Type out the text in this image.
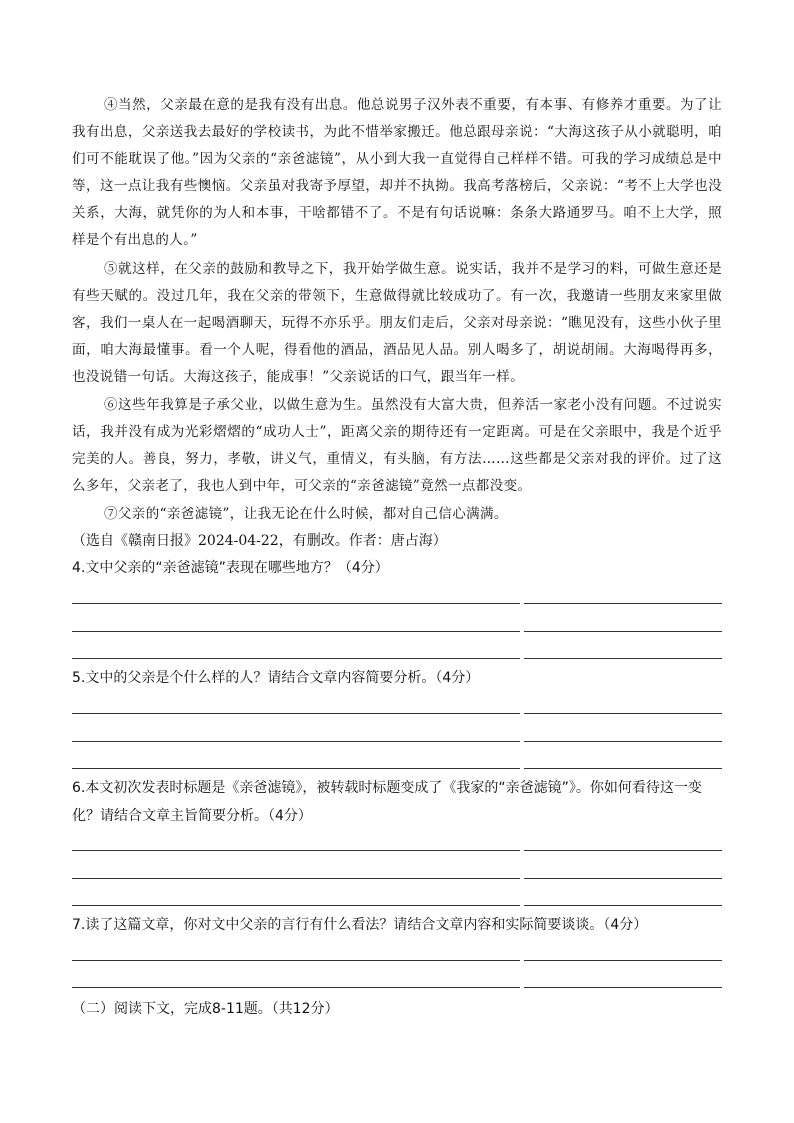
④当然，父亲最在意的是我有没有出息。他总说男子汉外表不重要，有本事、有修养才重要。为了让我有出息，父亲送我去最好的学校读书，为此不惜举家搬迁。他总跟母亲说：“大海这孩子从小就聪明，咱们可不能耽误了他。”因为父亲的“亲爸滤镜”，从小到大我一直觉得自己样样不错。可我的学习成绩总是中等，这一点让我有些懊恼。父亲虽对我寄予厚望，却并不执拗。我高考落榜后，父亲说：“考不上大学也没关系，大海，就凭你的为人和本事，干啥都错不了。不是有句话说嘛：条条大路通罗马。咱不上大学，照样是个有出息的人。”

⑤就这样，在父亲的鼓励和教导之下，我开始学做生意。说实话，我并不是学习的料，可做生意还是有些天赋的。没过几年，我在父亲的带领下，生意做得就比较成功了。有一次，我邀请一些朋友来家里做客，我们一桌人在一起喝酒聊天，玩得不亦乐乎。朋友们走后，父亲对母亲说：“瞧见没有，这些小伙子里面，咱大海最懂事。看一个人呢，得看他的酒品，酒品见人品。别人喝多了，胡说胡闹。大海喝得再多，也没说错一句话。大海这孩子，能成事！”父亲说话的口气，跟当年一样。

⑥这些年我算是子承父业，以做生意为生。虽然没有大富大贵，但养活一家老小没有问题。不过说实话，我并没有成为光彩熠熠的“成功人士”，距离父亲的期待还有一定距离。可是在父亲眼中，我是个近乎完美的人。善良，努力，孝敬，讲义气，重情义，有头脑，有方法……这些都是父亲对我的评价。过了这么多年，父亲老了，我也人到中年，可父亲的“亲爸滤镜”竟然一点都没变。

⑦父亲的“亲爸滤镜”，让我无论在什么时候，都对自己信心满满。

（选自《赣南日报》2024-04-22，有删改。作者：唐占海）

4.文中父亲的“亲爸滤镜”表现在哪些地方？（4分）

5.文中的父亲是个什么样的人？请结合文章内容简要分析。（4分）

6.本文初次发表时标题是《亲爸滤镜》，被转载时标题变成了《我家的“亲爸滤镜”》。你如何看待这一变化？请结合文章主旨简要分析。（4分）

7.读了这篇文章，你对文中父亲的言行有什么看法？请结合文章内容和实际简要谈谈。（4分）

（二）阅读下文，完成8-11题。（共12分）
